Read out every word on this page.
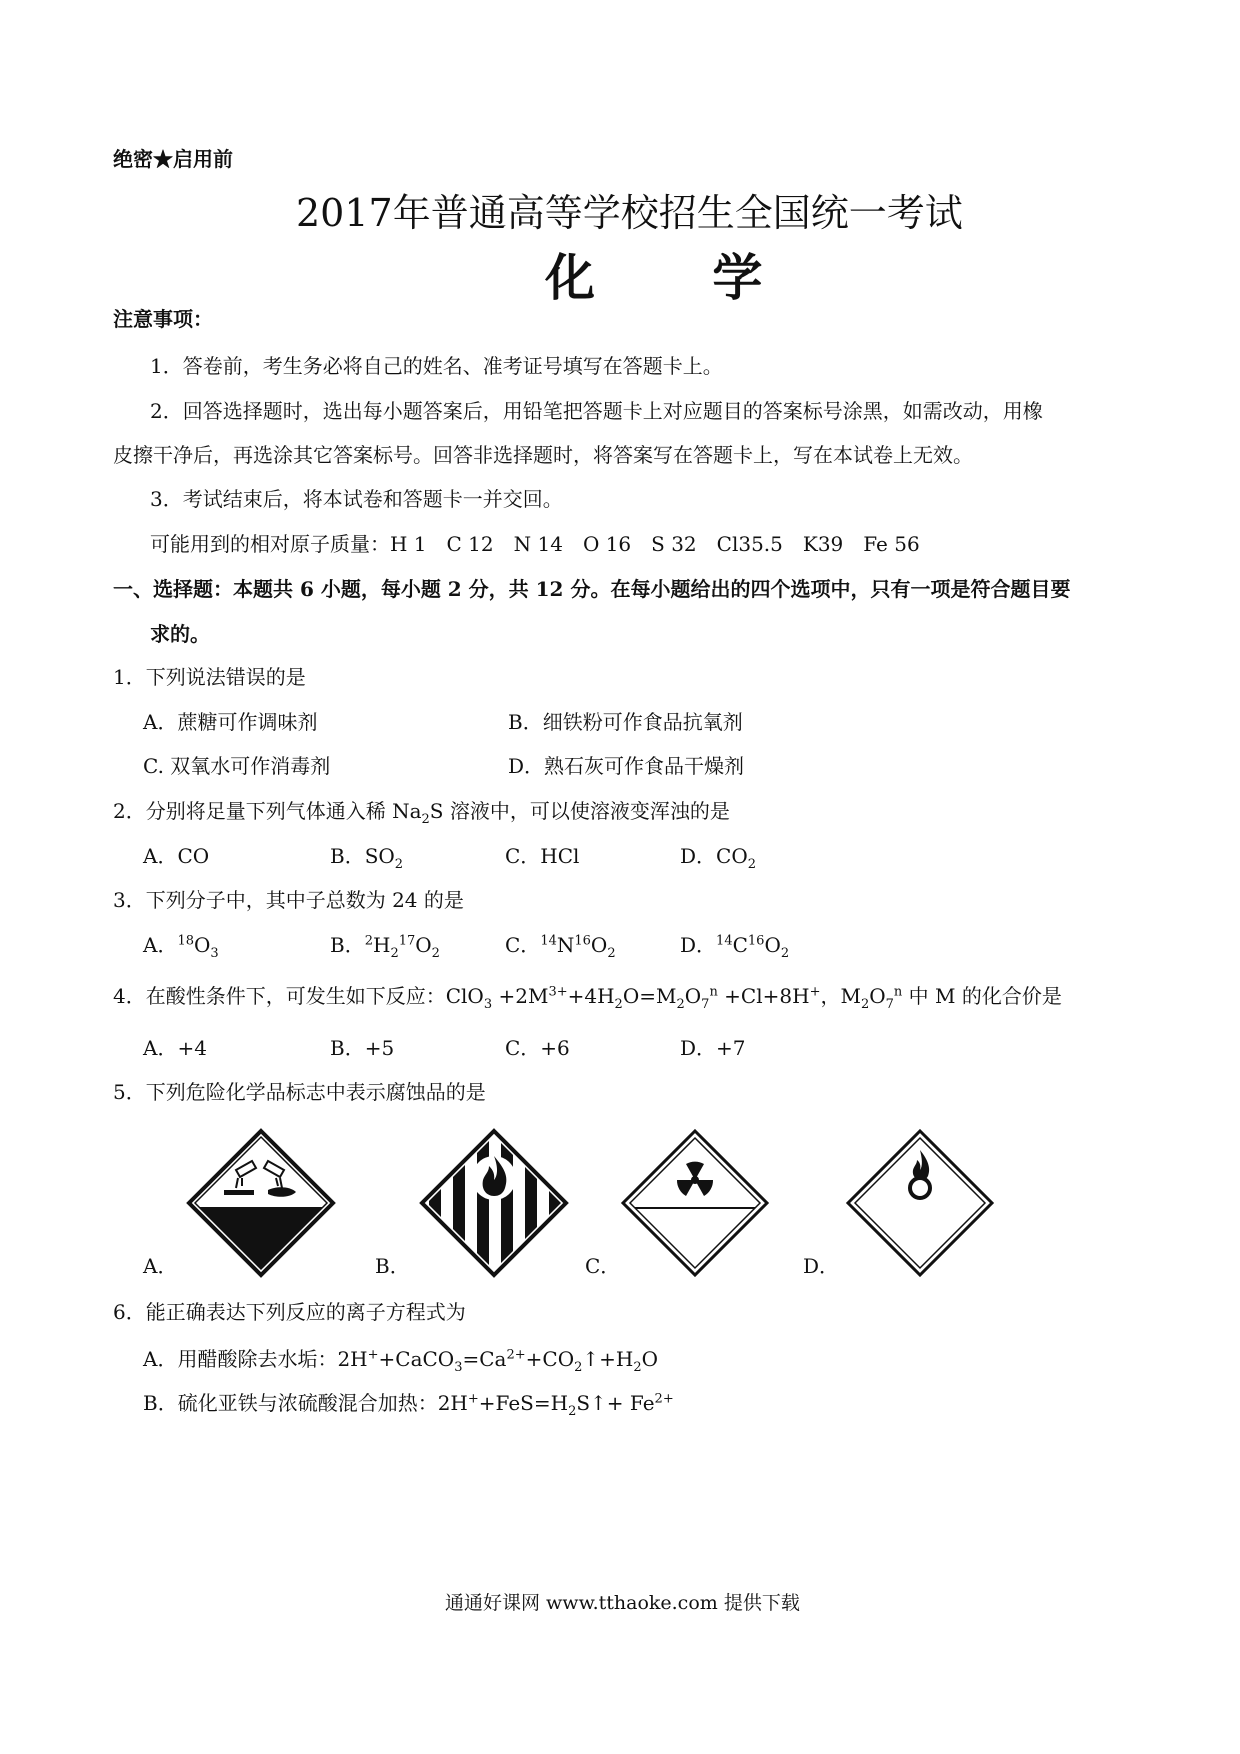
绝密★启用前
2017年普通高等学校招生全国统一考试
化 学
注意事项：
1．答卷前，考生务必将自己的姓名、准考证号填写在答题卡上。
2．回答选择题时，选出每小题答案后，用铅笔把答题卡上对应题目的答案标号涂黑，如需改动，用橡
皮擦干净后，再选涂其它答案标号。回答非选择题时，将答案写在答题卡上，写在本试卷上无效。
3．考试结束后，将本试卷和答题卡一并交回。
可能用到的相对原子质量：H 1　C 12　N 14　O 16　S 32　Cl35.5　K39　Fe 56
一、选择题：本题共 6 小题，每小题 2 分，共 12 分。在每小题给出的四个选项中，只有一项是符合题目要
求的。
1．下列说法错误的是
A．蔗糖可作调味剂	B．细铁粉可作食品抗氧剂
C. 双氧水可作消毒剂	D．熟石灰可作食品干燥剂
2．分别将足量下列气体通入稀 $Na_2S$ 溶液中，可以使溶液变浑浊的是
A．CO	B．$SO_2$	C．HCl	D．$CO_2$
3．下列分子中，其中子总数为 24 的是
A．$^{18}O_3$	B．$^2H_2^{17}O_2$	C．$^{14}N^{16}O_2$	D．$^{14}C^{16}O_2$
4．在酸性条件下，可发生如下反应：$ClO_3 +2M^{3+}+4H_2O=M_2O_7^n +Cl+8H^+$，$M_2O_7^n$ 中 M 的化合价是
A．+4	B．+5	C．+6	D．+7
5．下列危险化学品标志中表示腐蚀品的是
A．	B．	C．	D．
6．能正确表达下列反应的离子方程式为
A．用醋酸除去水垢：$2H^++CaCO_3=Ca^{2+}+CO_2↑+H_2O$
B．硫化亚铁与浓硫酸混合加热：$2H^++FeS=H_2S↑+ Fe^{2+}$
通通好课网 www.tthaoke.com 提供下载
